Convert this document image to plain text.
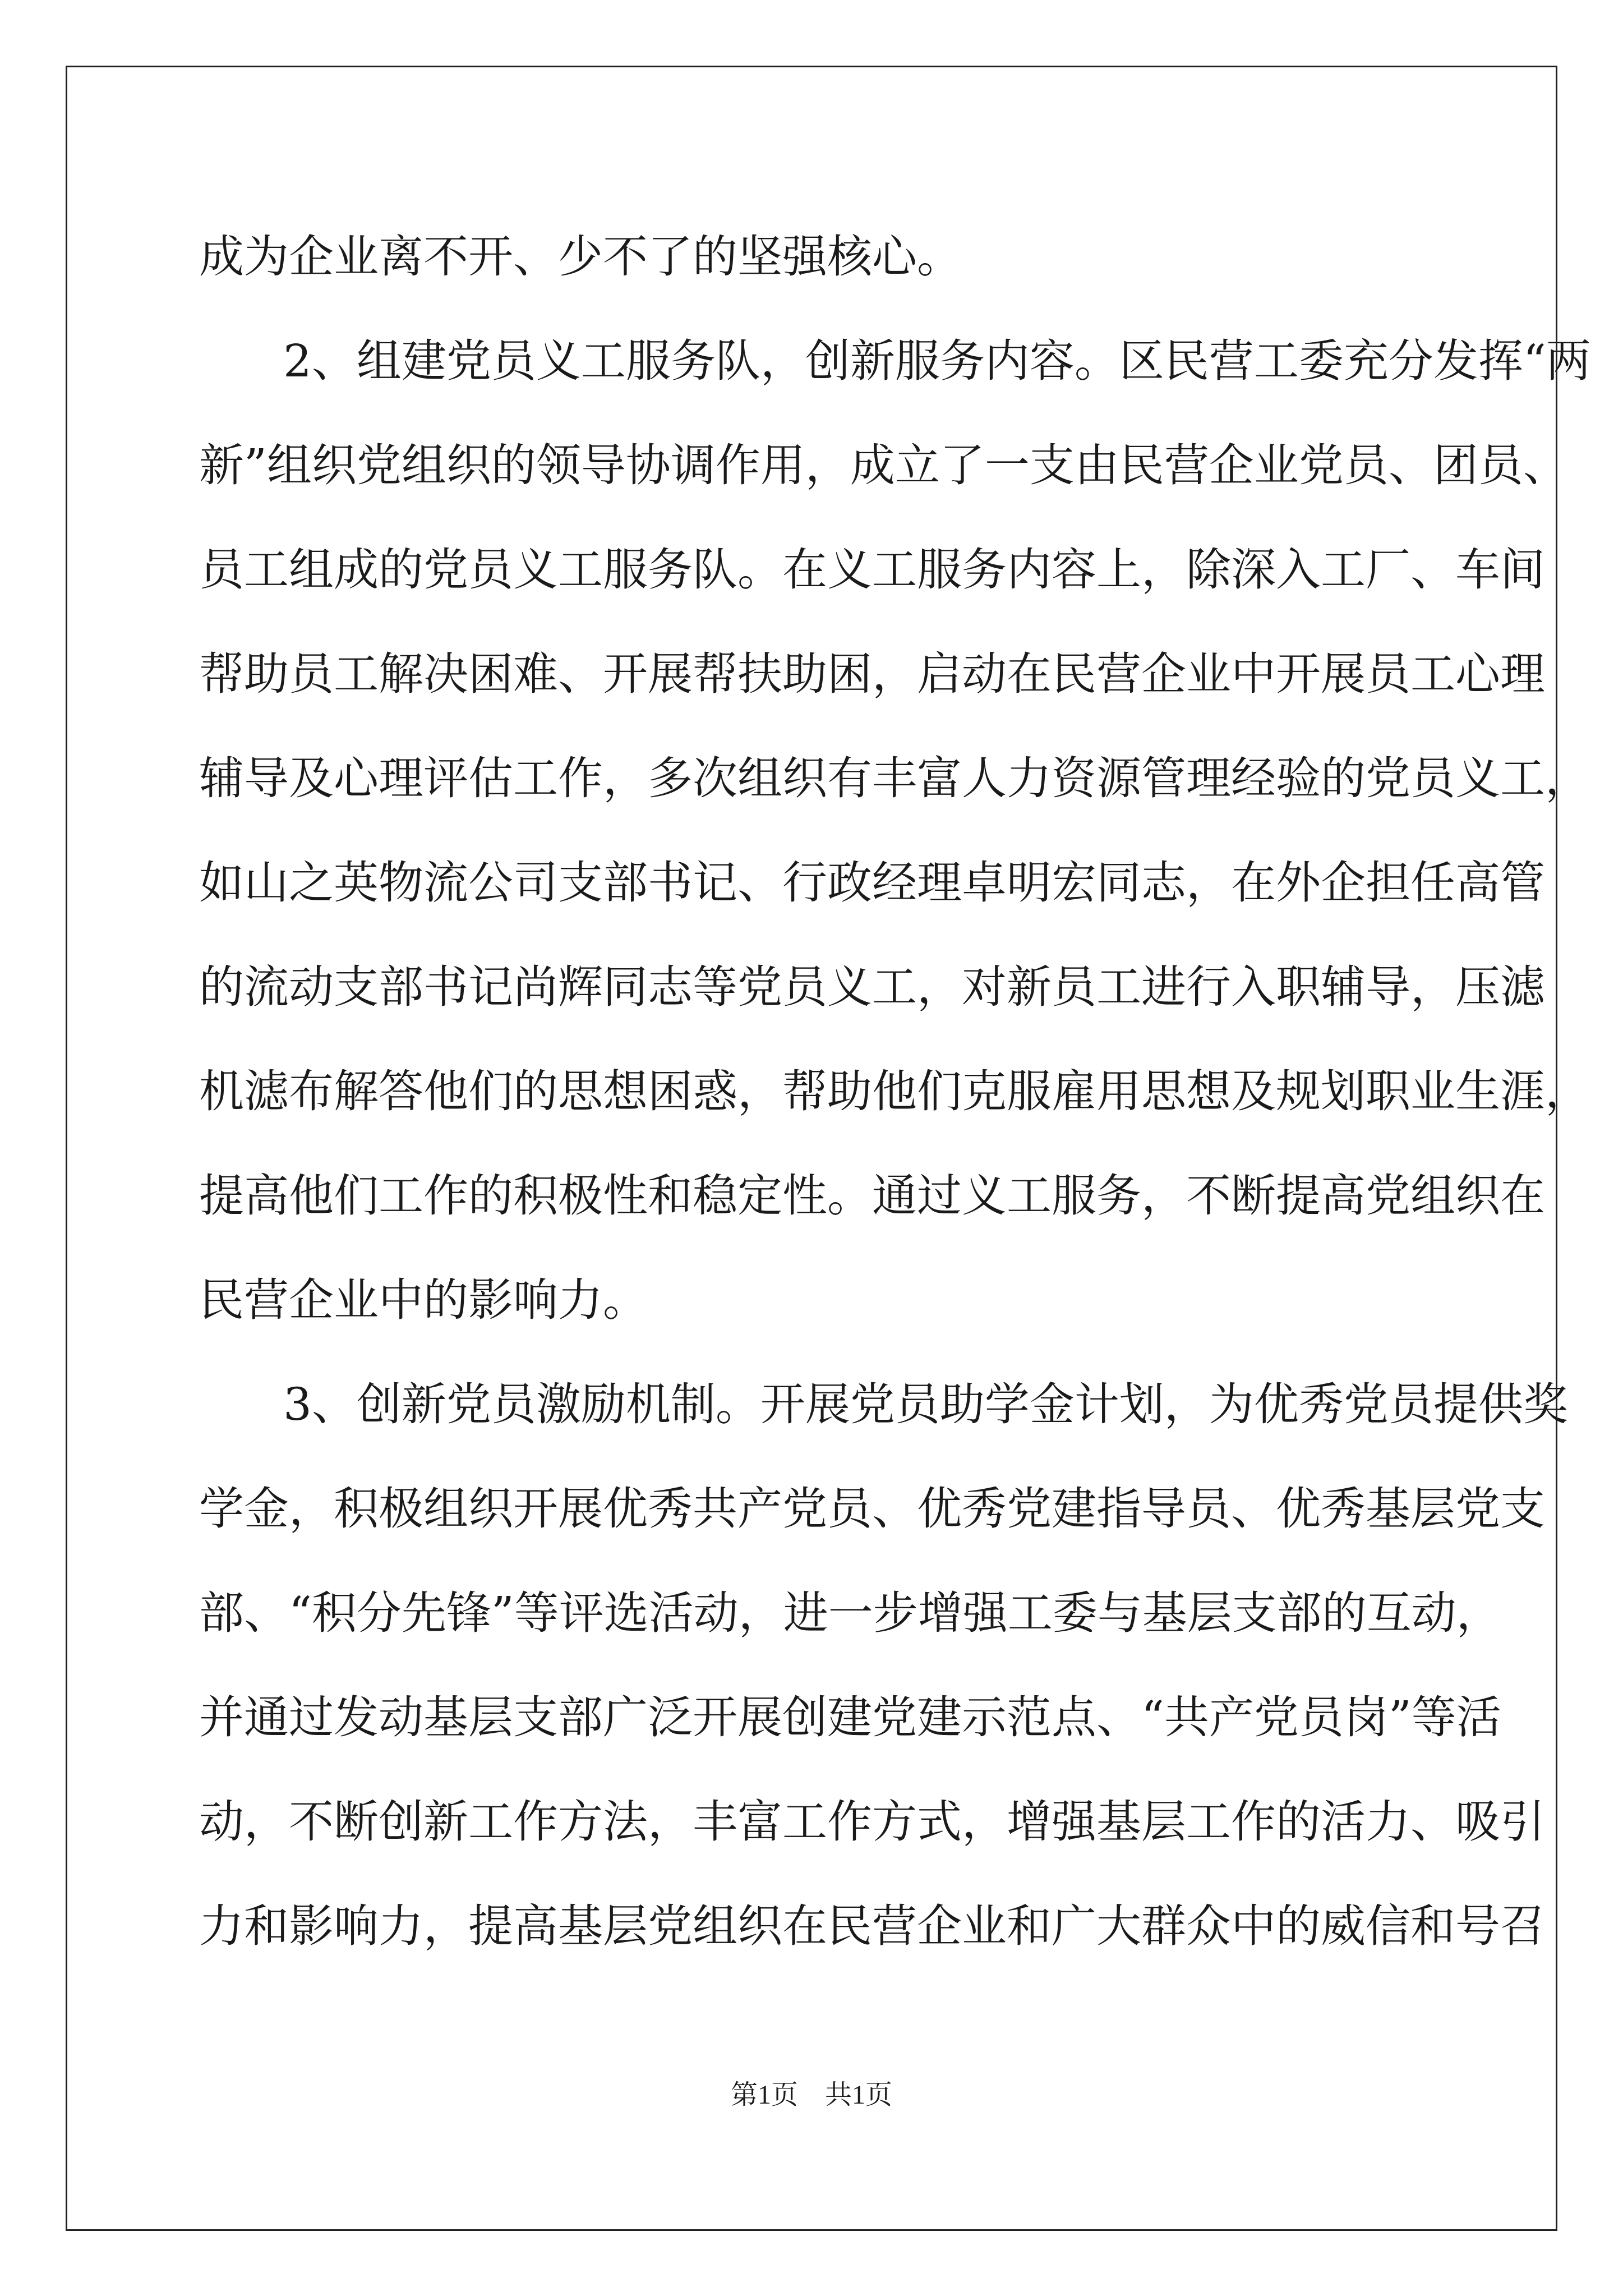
成为企业离不开、少不了的坚强核心。
2、组建党员义工服务队，创新服务内容。区民营工委充分发挥“两
新”组织党组织的领导协调作用，成立了一支由民营企业党员、团员、
员工组成的党员义工服务队。在义工服务内容上，除深入工厂、车间
帮助员工解决困难、开展帮扶助困，启动在民营企业中开展员工心理
辅导及心理评估工作，多次组织有丰富人力资源管理经验的党员义工，
如山之英物流公司支部书记、行政经理卓明宏同志，在外企担任高管
的流动支部书记尚辉同志等党员义工，对新员工进行入职辅导，压滤
机滤布解答他们的思想困惑，帮助他们克服雇用思想及规划职业生涯，
提高他们工作的积极性和稳定性。通过义工服务，不断提高党组织在
民营企业中的影响力。
3、创新党员激励机制。开展党员助学金计划，为优秀党员提供奖
学金，积极组织开展优秀共产党员、优秀党建指导员、优秀基层党支
部、“积分先锋”等评选活动，进一步增强工委与基层支部的互动，
并通过发动基层支部广泛开展创建党建示范点、“共产党员岗”等活
动，不断创新工作方法，丰富工作方式，增强基层工作的活力、吸引
力和影响力，提高基层党组织在民营企业和广大群众中的威信和号召
第1页　共1页
